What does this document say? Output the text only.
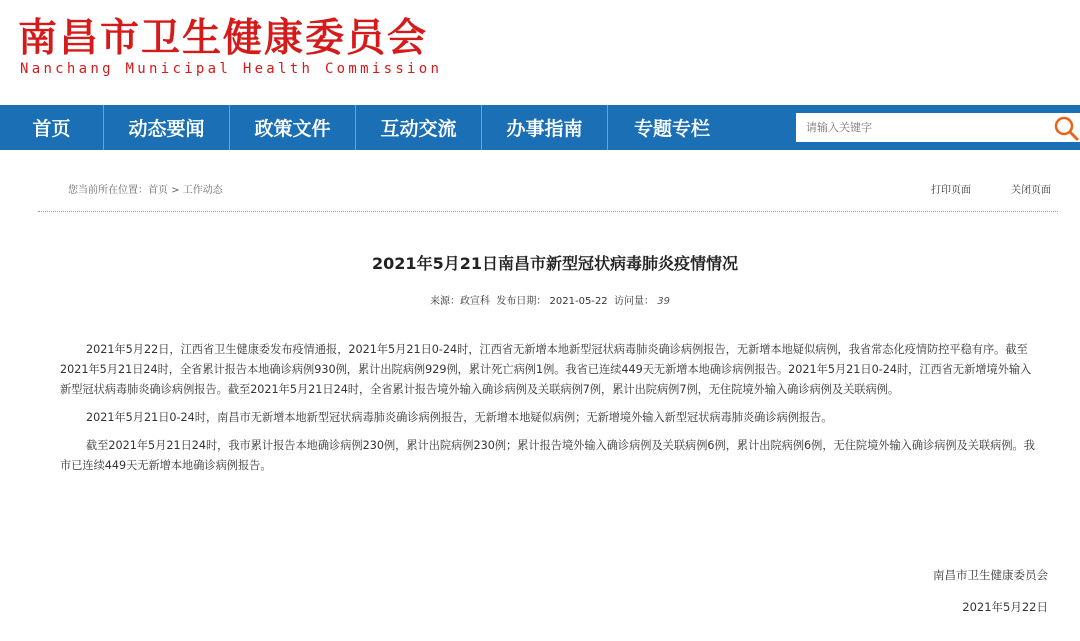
南昌市卫生健康委员会
Nanchang Municipal Health Commission
首页	动态要闻	政策文件	互动交流	办事指南	专题专栏
请输入关键字
您当前所在位置：首页 > 工作动态	打印页面	关闭页面
2021年5月21日南昌市新型冠状病毒肺炎疫情情况
来源：政宣科 发布日期： 2021-05-22 访问量： 39

2021年5月22日，江西省卫生健康委发布疫情通报，2021年5月21日0-24时，江西省无新增本地新型冠状病毒肺炎确诊病例报告，无新增本地疑似病例，我省常态化疫情防控平稳有序。截至2021年5月21日24时，全省累计报告本地确诊病例930例，累计出院病例929例，累计死亡病例1例。我省已连续449天无新增本地确诊病例报告。2021年5月21日0-24时，江西省无新增境外输入新型冠状病毒肺炎确诊病例报告。截至2021年5月21日24时，全省累计报告境外输入确诊病例及关联病例7例，累计出院病例7例，无住院境外输入确诊病例及关联病例。

2021年5月21日0-24时，南昌市无新增本地新型冠状病毒肺炎确诊病例报告，无新增本地疑似病例；无新增境外输入新型冠状病毒肺炎确诊病例报告。

截至2021年5月21日24时，我市累计报告本地确诊病例230例，累计出院病例230例；累计报告境外输入确诊病例及关联病例6例，累计出院病例6例，无住院境外输入确诊病例及关联病例。我市已连续449天无新增本地确诊病例报告。

南昌市卫生健康委员会
2021年5月22日
